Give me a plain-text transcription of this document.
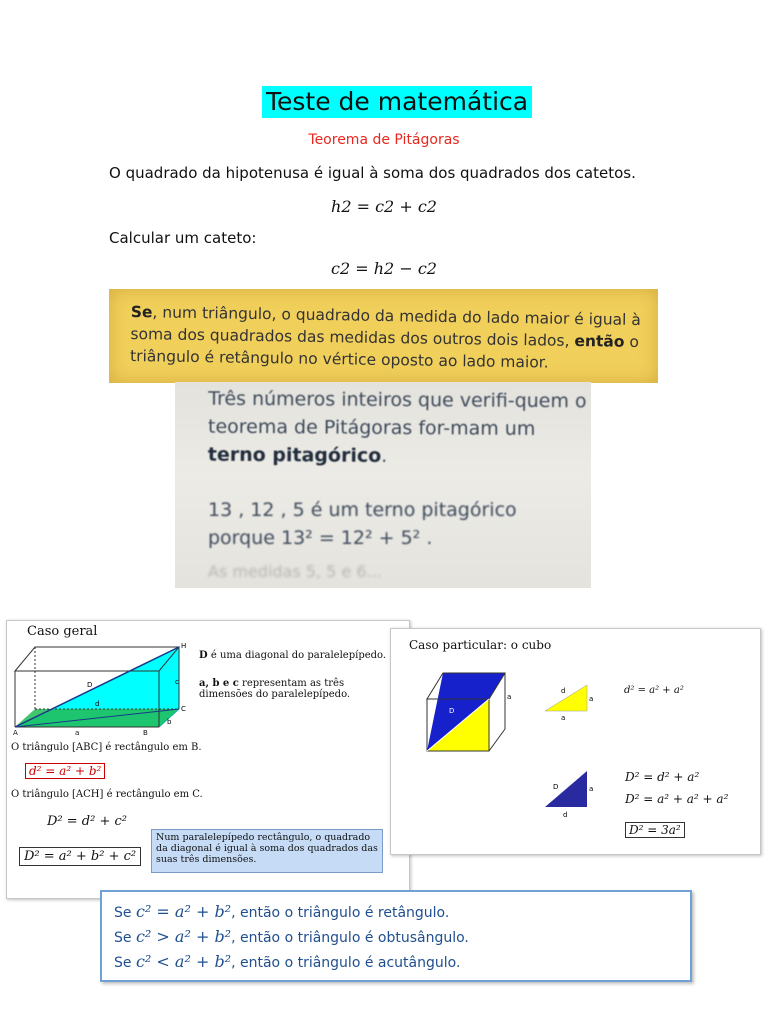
Teste de matemática
Teorema de Pitágoras
O quadrado da hipotenusa é igual à soma dos quadrados dos catetos.
ℎ2 = 𝑐2 + 𝑐2
Calcular um cateto:
𝑐2 = ℎ2 − 𝑐2

Se, num triângulo, o quadrado da medida do lado maior é igual à soma dos quadrados das medidas dos outros dois lados, então o triângulo é retângulo no vértice oposto ao lado maior.

Três números inteiros que verifi-quem o teorema de Pitágoras for-mam um terno pitagórico.
13 , 12 , 5 é um terno pitagórico
porque 13² = 12² + 5² .
As medidas 5, 5 e 6...
Caso geral
H
C
c
D
d
b
A	a	B
D é uma diagonal do paralelepípedo.
a, b e c representam as três dimensões do paralelepípedo.
O triângulo [ABC] é rectângulo em B.
d² = a² + b²
O triângulo [ACH] é rectângulo em C.
D² = d² + c²
D² = a² + b² + c²
Num paralelepípedo rectângulo, o quadrado da diagonal é igual à soma dos quadrados das suas três dimensões.
Caso particular: o cubo
D
a
d
a
a
d² = a² + a²
D	a
d
D² = d² + a²
D² = a² + a² + a²
D² = 3a²
Se c² = a² + b², então o triângulo é retângulo.
Se c² > a² + b², então o triângulo é obtusângulo.
Se c² < a² + b², então o triângulo é acutângulo.
